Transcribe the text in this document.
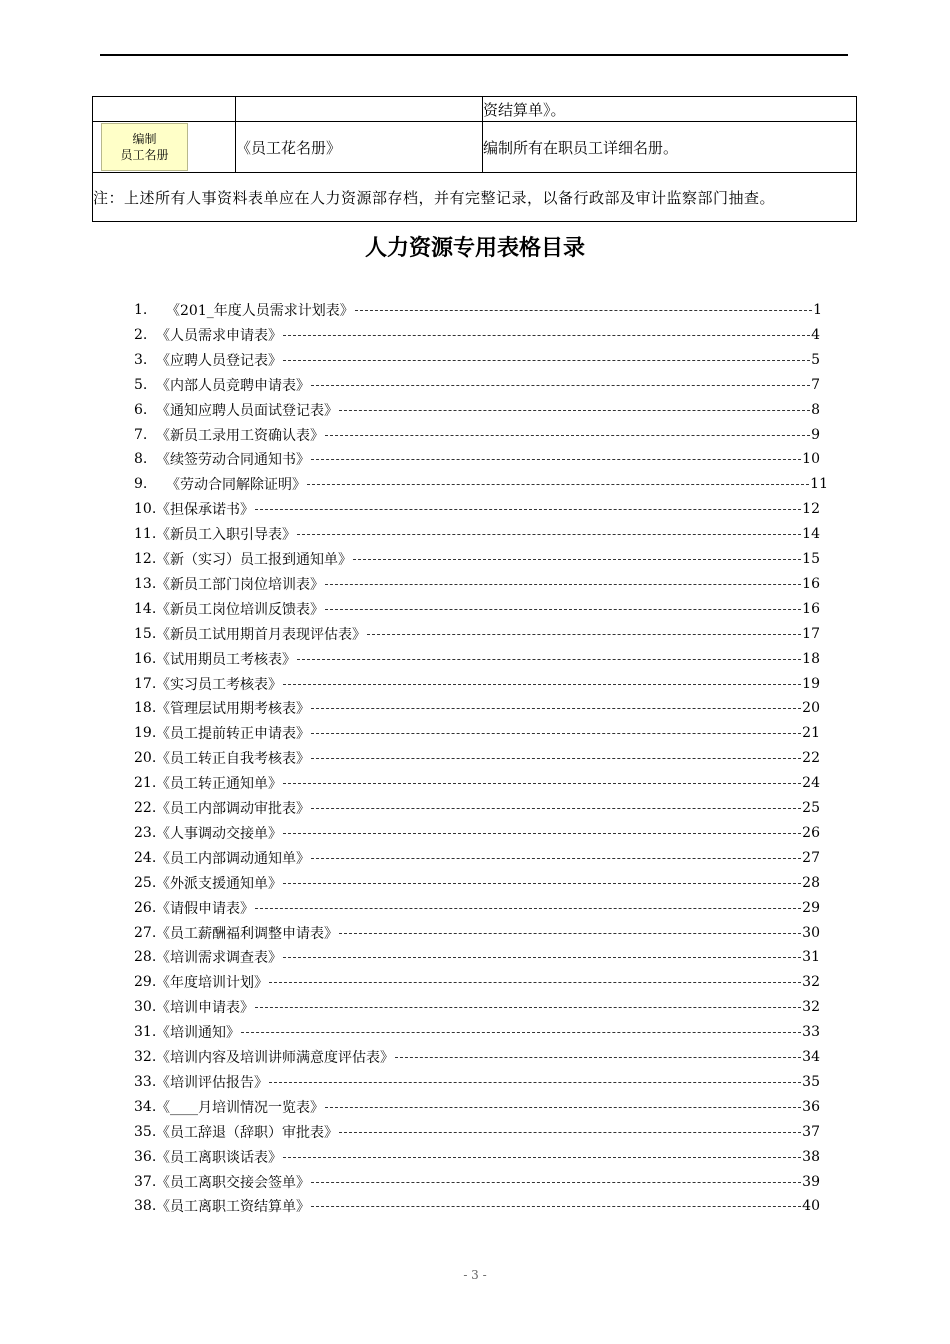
		资结算单》。

编制
员工名册	《员工花名册》	编制所有在职员工详细名册。
注：上述所有人事资料表单应在人力资源部存档，并有完整记录，以备行政部及审计监察部门抽查。		
人力资源专用表格目录
1.	《201_年度人员需求计划表》	1
2. 《人员需求申请表》	4
3. 《应聘人员登记表》	5
5. 《内部人员竞聘申请表》	7
6. 《通知应聘人员面试登记表》	8
7. 《新员工录用工资确认表》	9
8. 《续签劳动合同通知书》	10
9.	《劳动合同解除证明》	11
10. 《担保承诺书》	12
11. 《新员工入职引导表》	14
12. 《新（实习）员工报到通知单》	15
13. 《新员工部门岗位培训表》	16
14. 《新员工岗位培训反馈表》	16
15. 《新员工试用期首月表现评估表》	17
16. 《试用期员工考核表》	18
17. 《实习员工考核表》	19
18. 《管理层试用期考核表》	20
19. 《员工提前转正申请表》	21
20. 《员工转正自我考核表》	22
21. 《员工转正通知单》	24
22. 《员工内部调动审批表》	25
23. 《人事调动交接单》	26
24. 《员工内部调动通知单》	27
25. 《外派支援通知单》	28
26. 《请假申请表》	29
27. 《员工薪酬福利调整申请表》	30
28. 《培训需求调查表》	31
29. 《年度培训计划》	32
30. 《培训申请表》	32
31. 《培训通知》	33
32. 《培训内容及培训讲师满意度评估表》	34
33. 《培训评估报告》	35
34. 《____月培训情况一览表》	36
35. 《员工辞退（辞职）审批表》	37
36. 《员工离职谈话表》	38
37. 《员工离职交接会签单》	39
38. 《员工离职工资结算单》	40
- 3 -
